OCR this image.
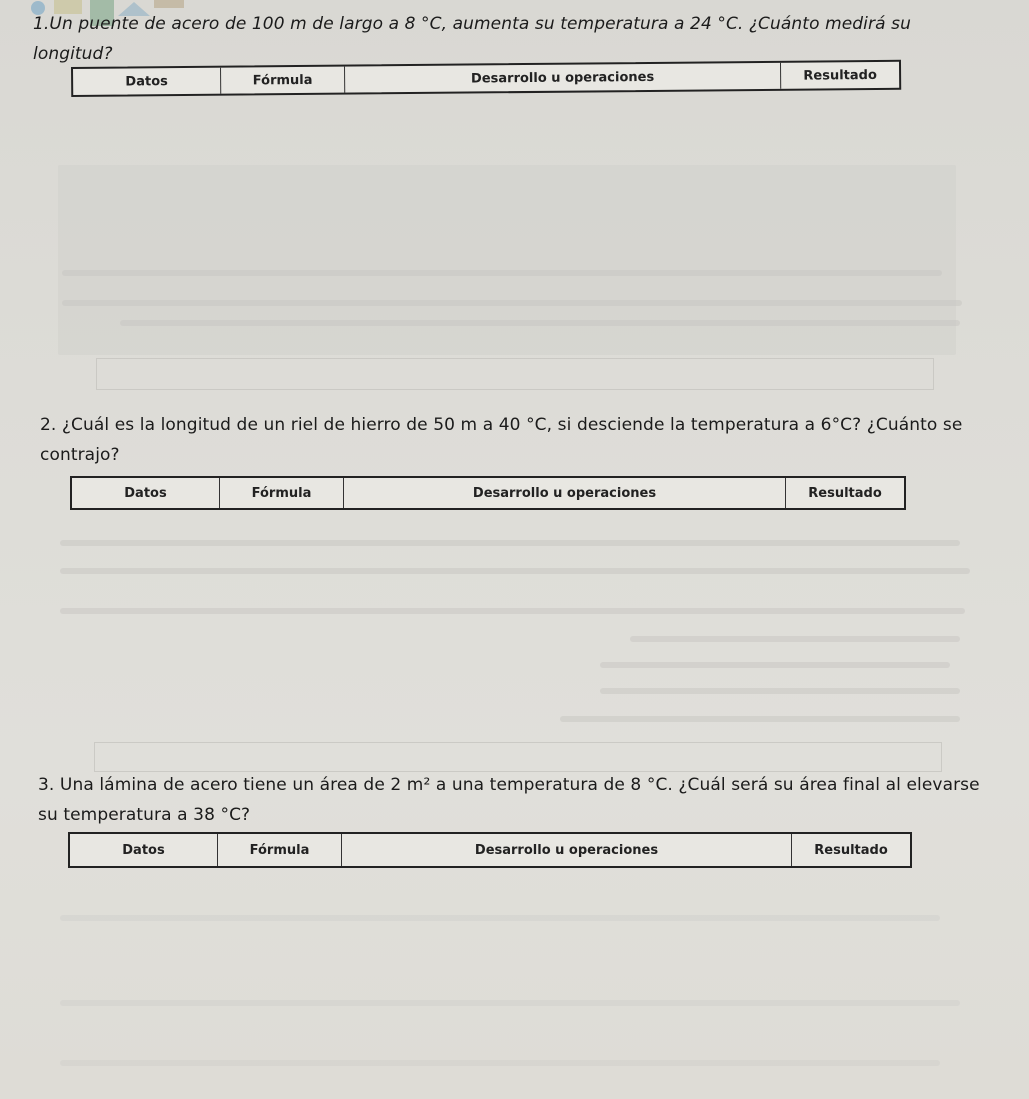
1.Un puente de acero de 100 m de largo a 8 °C, aumenta su temperatura a 24 °C. ¿Cuánto medirá su longitud?
Datos	Fórmula	Desarrollo u operaciones	Resultado
2. ¿Cuál es la longitud de un riel de hierro de 50 m a 40 °C, si desciende la temperatura a 6°C? ¿Cuánto se contrajo?
Datos	Fórmula	Desarrollo u operaciones	Resultado
3. Una lámina de acero tiene un área de 2 m² a una temperatura de 8 °C. ¿Cuál será su área final al elevarse su temperatura a 38 °C?
Datos	Fórmula	Desarrollo u operaciones	Resultado
